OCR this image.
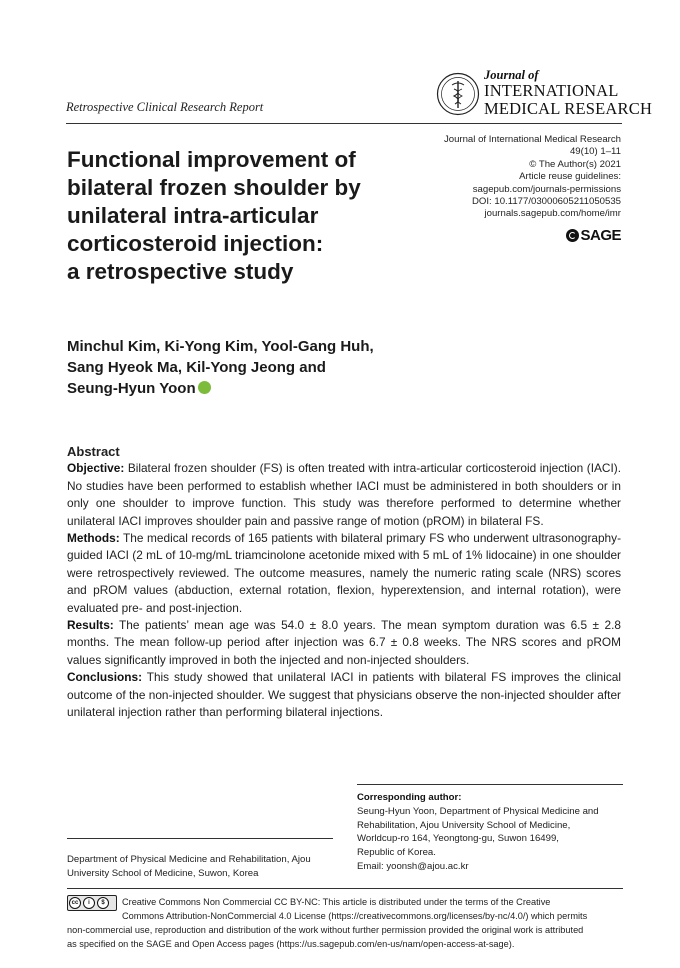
Retrospective Clinical Research Report
Journal of
INTERNATIONAL
MEDICAL RESEARCH
Journal of International Medical Research
49(10) 1–11
© The Author(s) 2021
Article reuse guidelines:
sagepub.com/journals-permissions
DOI: 10.1177/03000605211050535
journals.sagepub.com/home/imr
SAGE
Functional improvement of
bilateral frozen shoulder by
unilateral intra-articular
corticosteroid injection:
a retrospective study
Minchul Kim, Ki-Yong Kim, Yool-Gang Huh,
Sang Hyeok Ma, Kil-Yong Jeong and
Seung-Hyun Yoon
Abstract

Objective: Bilateral frozen shoulder (FS) is often treated with intra-articular corticosteroid injection (IACI). No studies have been performed to establish whether IACI must be administered in both shoulders or in only one shoulder to improve function. This study was therefore performed to determine whether unilateral IACI improves shoulder pain and passive range of motion (pROM) in bilateral FS.

Methods: The medical records of 165 patients with bilateral primary FS who underwent ultrasonography-guided IACI (2 mL of 10-mg/mL triamcinolone acetonide mixed with 5 mL of 1% lidocaine) in one shoulder were retrospectively reviewed. The outcome measures, namely the numeric rating scale (NRS) scores and pROM values (abduction, external rotation, flexion, hyperextension, and internal rotation), were evaluated pre- and post-injection.

Results: The patients’ mean age was 54.0 ± 8.0 years. The mean symptom duration was 6.5 ± 2.8 months. The mean follow-up period after injection was 6.7 ± 0.8 weeks. The NRS scores and pROM values significantly improved in both the injected and non-injected shoulders.

Conclusions: This study showed that unilateral IACI in patients with bilateral FS improves the clinical outcome of the non-injected shoulder. We suggest that physicians observe the non-injected shoulder after unilateral injection rather than performing bilateral injections.

Corresponding author:
Seung-Hyun Yoon, Department of Physical Medicine and
Rehabilitation, Ajou University School of Medicine,
Worldcup-ro 164, Yeongtong-gu, Suwon 16499,
Republic of Korea.
Email: yoonsh@ajou.ac.kr
Department of Physical Medicine and Rehabilitation, Ajou
University School of Medicine, Suwon, Korea
Creative Commons Non Commercial CC BY-NC: This article is distributed under the terms of the Creative
Commons Attribution-NonCommercial 4.0 License (https://creativecommons.org/licenses/by-nc/4.0/) which permits
non-commercial use, reproduction and distribution of the work without further permission provided the original work is attributed
as specified on the SAGE and Open Access pages (https://us.sagepub.com/en-us/nam/open-access-at-sage).
cc	i	$
